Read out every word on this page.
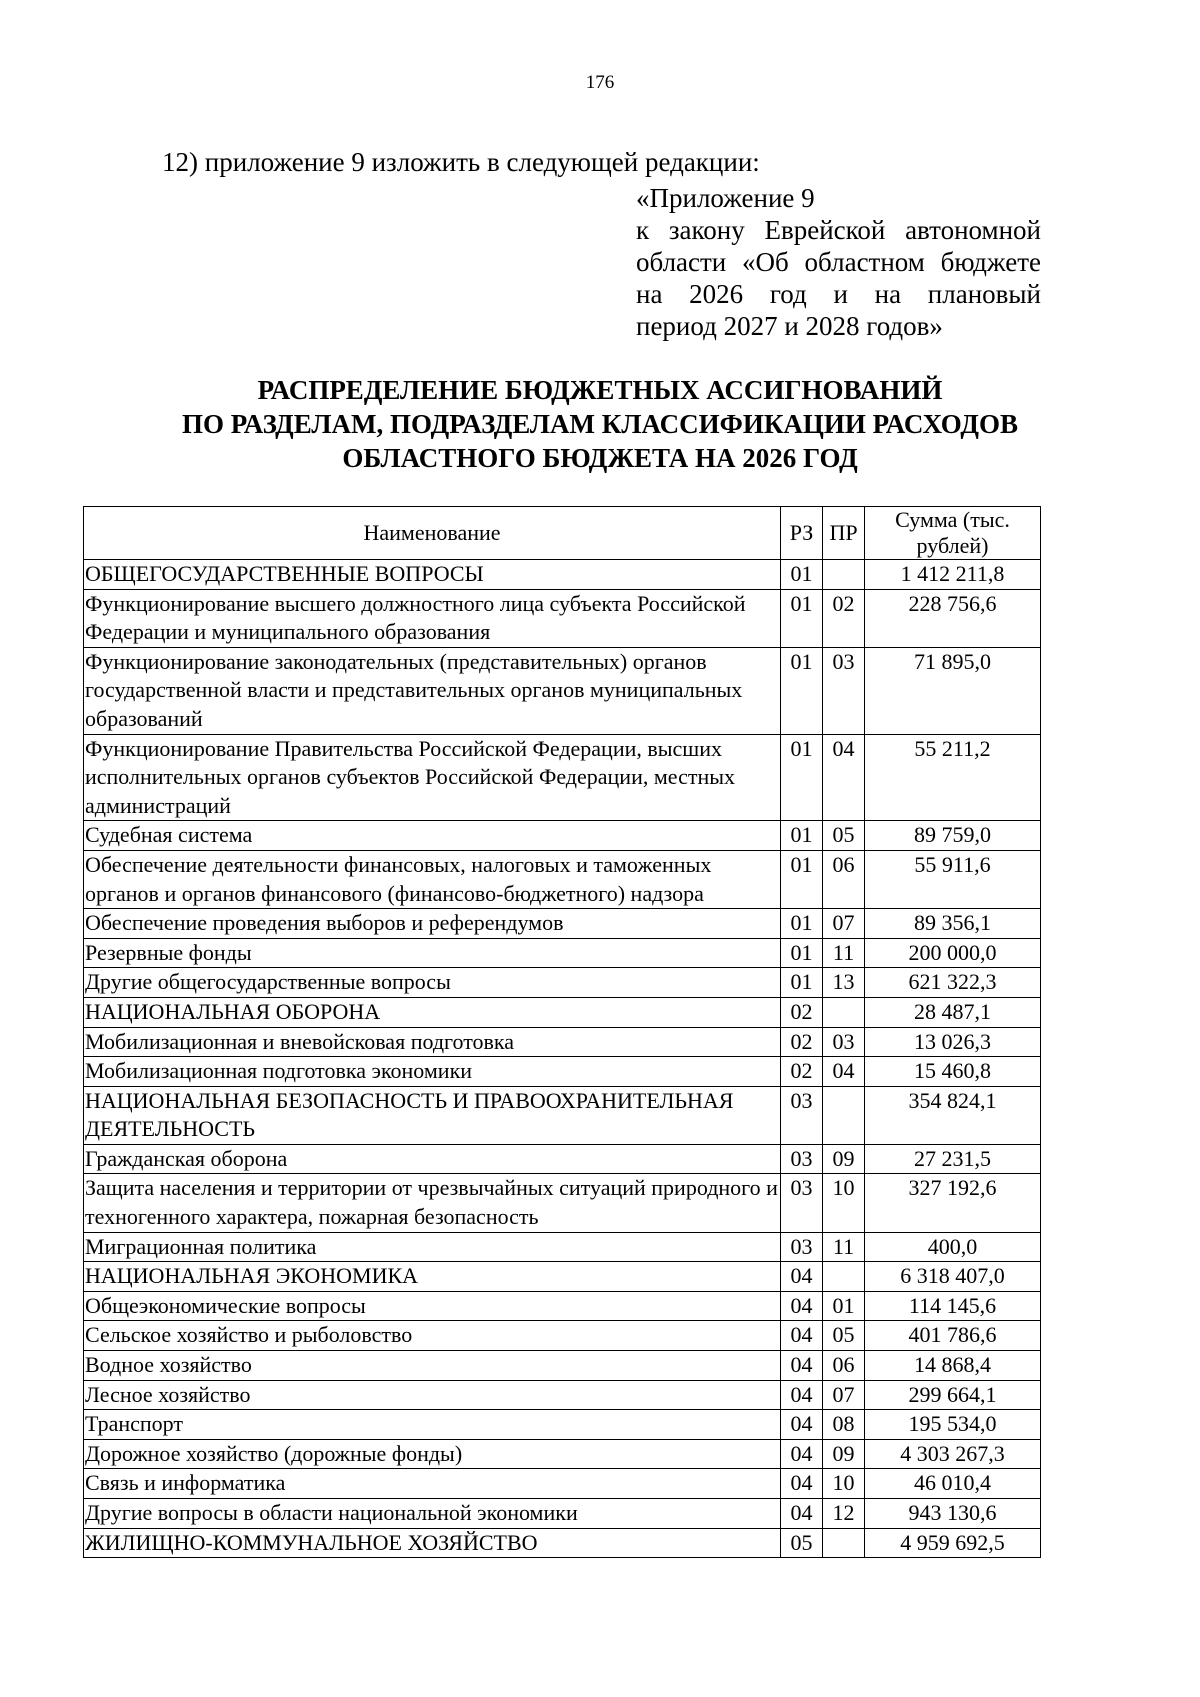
176
12) приложение 9 изложить в следующей редакции:
«Приложение 9
к закону Еврейской автономной
области «Об областном бюджете
на 2026 год и на плановый
период 2027 и 2028 годов»
РАСПРЕДЕЛЕНИЕ БЮДЖЕТНЫХ АССИГНОВАНИЙ
ПО РАЗДЕЛАМ, ПОДРАЗДЕЛАМ КЛАССИФИКАЦИИ РАСХОДОВ
ОБЛАСТНОГО БЮДЖЕТА НА 2026 ГОД
Наименование	РЗ	ПР	Сумма (тыс. рублей)
ОБЩЕГОСУДАРСТВЕННЫЕ ВОПРОСЫ	01		1 412 211,8
Функционирование высшего должностного лица субъекта Российской Федерации и муниципального образования	01	02	228 756,6
Функционирование законодательных (представительных) органов государственной власти и представительных органов муниципальных образований	01	03	71 895,0
Функционирование Правительства Российской Федерации, высших исполнительных органов субъектов Российской Федерации, местных администраций	01	04	55 211,2
Судебная система	01	05	89 759,0
Обеспечение деятельности финансовых, налоговых и таможенных органов и органов финансового (финансово-бюджетного) надзора	01	06	55 911,6
Обеспечение проведения выборов и референдумов	01	07	89 356,1
Резервные фонды	01	11	200 000,0
Другие общегосударственные вопросы	01	13	621 322,3
НАЦИОНАЛЬНАЯ ОБОРОНА	02		28 487,1
Мобилизационная и вневойсковая подготовка	02	03	13 026,3
Мобилизационная подготовка экономики	02	04	15 460,8
НАЦИОНАЛЬНАЯ БЕЗОПАСНОСТЬ И ПРАВООХРАНИТЕЛЬНАЯ ДЕЯТЕЛЬНОСТЬ	03		354 824,1
Гражданская оборона	03	09	27 231,5
Защита населения и территории от чрезвычайных ситуаций природного и техногенного характера, пожарная безопасность	03	10	327 192,6
Миграционная политика	03	11	400,0
НАЦИОНАЛЬНАЯ ЭКОНОМИКА	04		6 318 407,0
Общеэкономические вопросы	04	01	114 145,6
Сельское хозяйство и рыболовство	04	05	401 786,6
Водное хозяйство	04	06	14 868,4
Лесное хозяйство	04	07	299 664,1
Транспорт	04	08	195 534,0
Дорожное хозяйство (дорожные фонды)	04	09	4 303 267,3
Связь и информатика	04	10	46 010,4
Другие вопросы в области национальной экономики	04	12	943 130,6
ЖИЛИЩНО-КОММУНАЛЬНОЕ ХОЗЯЙСТВО	05		4 959 692,5
